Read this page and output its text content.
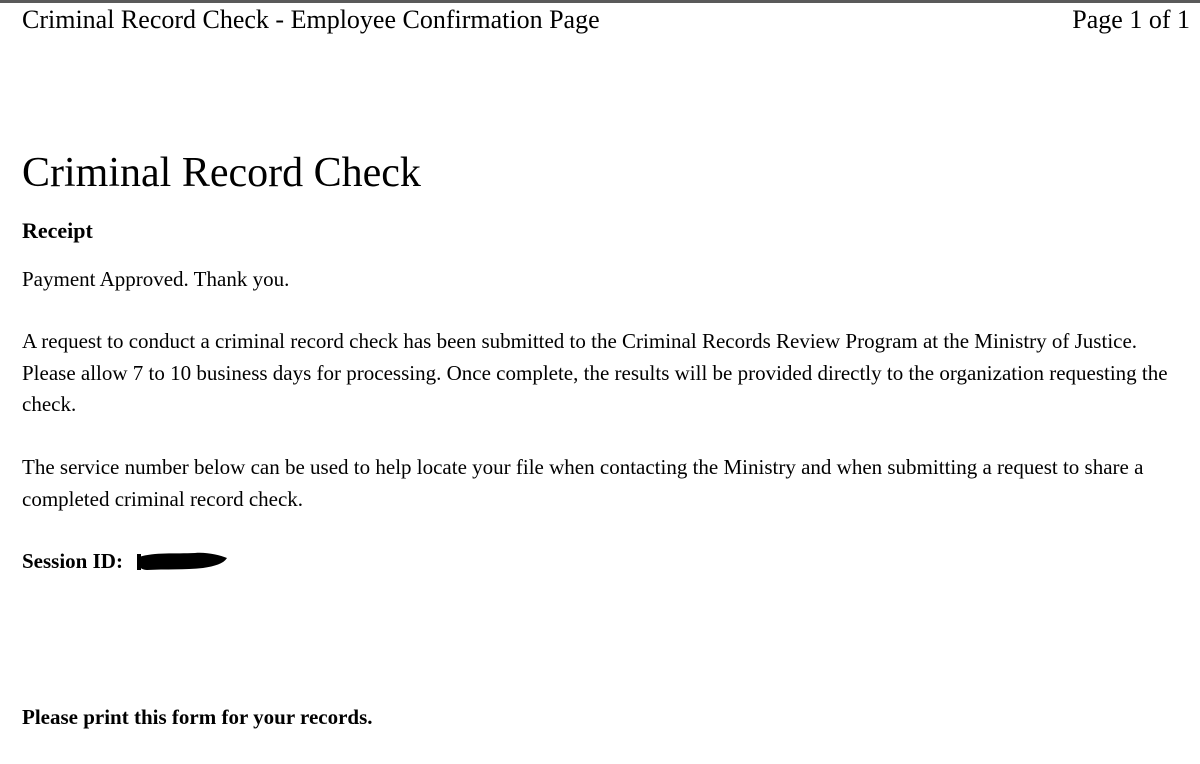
Criminal Record Check - Employee Confirmation Page	Page 1 of 1
Criminal Record Check
Receipt

Payment Approved. Thank you.

A request to conduct a criminal record check has been submitted to the Criminal Records Review Program at the Ministry of Justice. Please allow 7 to 10 business days for processing. Once complete, the results will be provided directly to the organization requesting the check.

The service number below can be used to help locate your file when contacting the Ministry and when submitting a request to share a completed criminal record check.

Session ID:

Please print this form for your records.
